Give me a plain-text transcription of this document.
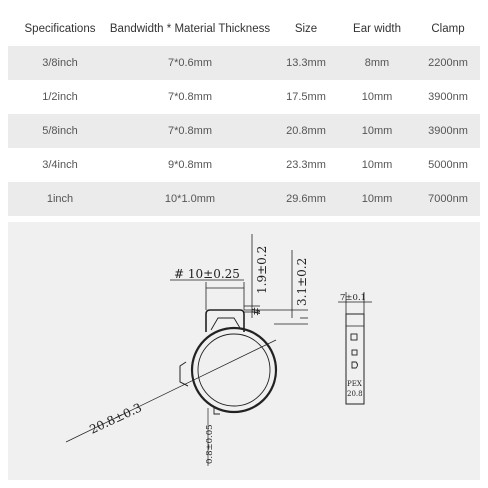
Specifications	Bandwidth * Material Thickness	Size	Ear width	Clamp
3/8inch	7*0.6mm	13.3mm	8mm	2200nm
1/2inch	7*0.8mm	17.5mm	10mm	3900nm
5/8inch	7*0.8mm	20.8mm	10mm	3900nm
3/4inch	9*0.8mm	23.3mm	10mm	5000nm
1inch	10*1.0mm	29.6mm	10mm	7000nm
# 10±0.25 1.9±0.2
#
3.1±0.2
20.8±0.3
0.8±0.05
7±0.1
PEX
20.8
